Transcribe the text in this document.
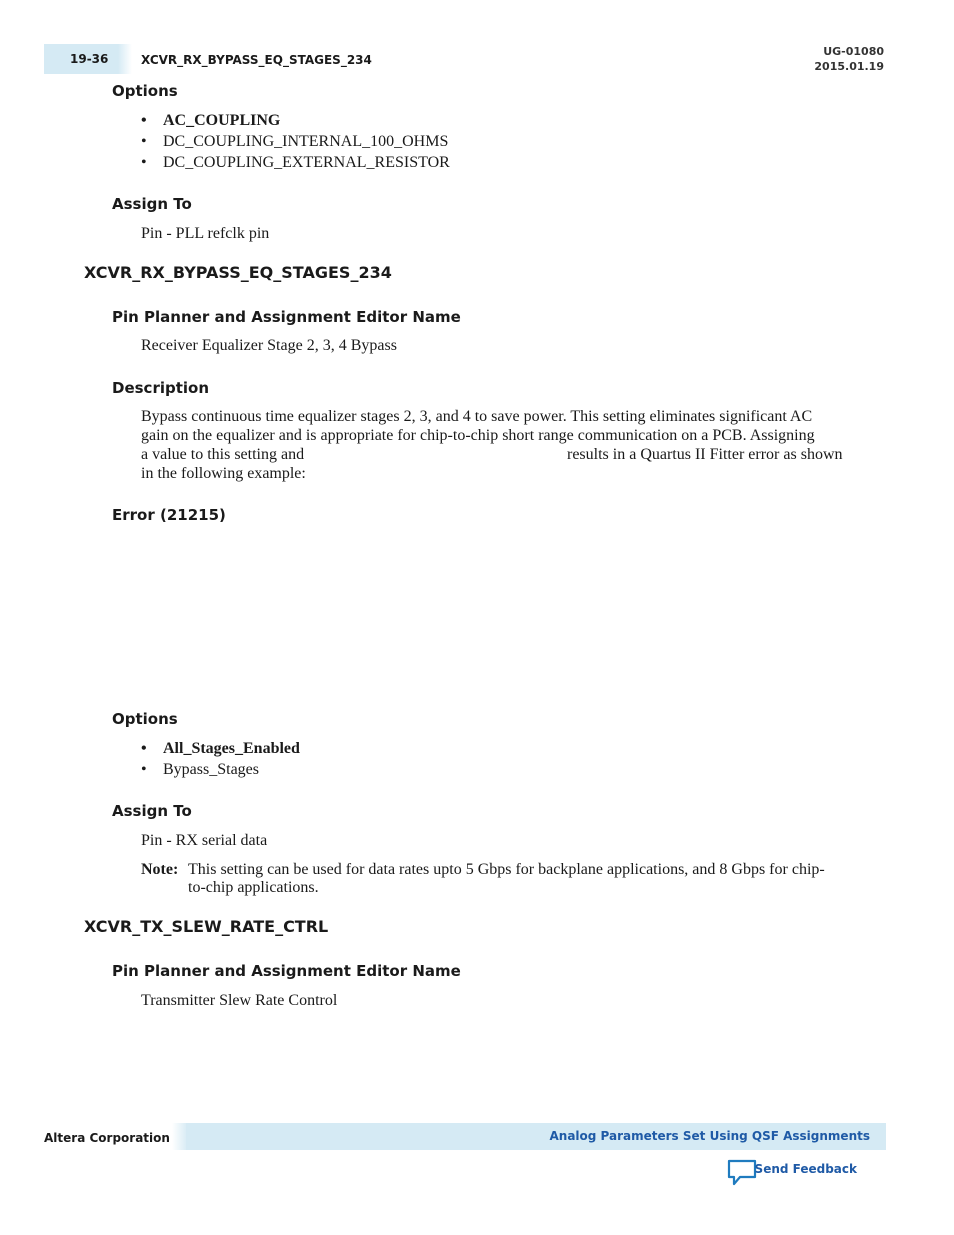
19-36	XCVR_RX_BYPASS_EQ_STAGES_234
UG-01080
2015.01.19
Options
• AC_COUPLING
• DC_COUPLING_INTERNAL_100_OHMS
• DC_COUPLING_EXTERNAL_RESISTOR
Assign To
Pin - PLL refclk pin
XCVR_RX_BYPASS_EQ_STAGES_234
Pin Planner and Assignment Editor Name
Receiver Equalizer Stage 2, 3, 4 Bypass
Description
Bypass continuous time equalizer stages 2, 3, and 4 to save power. This setting eliminates significant AC
gain on the equalizer and is appropriate for chip-to-chip short range communication on a PCB. Assigning
a value to this setting and	results in a Quartus II Fitter error as shown
in the following example:
Error (21215)
Options
• All_Stages_Enabled
• Bypass_Stages
Assign To
Pin - RX serial data
Note: This setting can be used for data rates upto 5 Gbps for backplane applications, and 8 Gbps for chip-
to-chip applications.
XCVR_TX_SLEW_RATE_CTRL
Pin Planner and Assignment Editor Name
Transmitter Slew Rate Control
Altera Corporation	Analog Parameters Set Using QSF Assignments
Send Feedback
